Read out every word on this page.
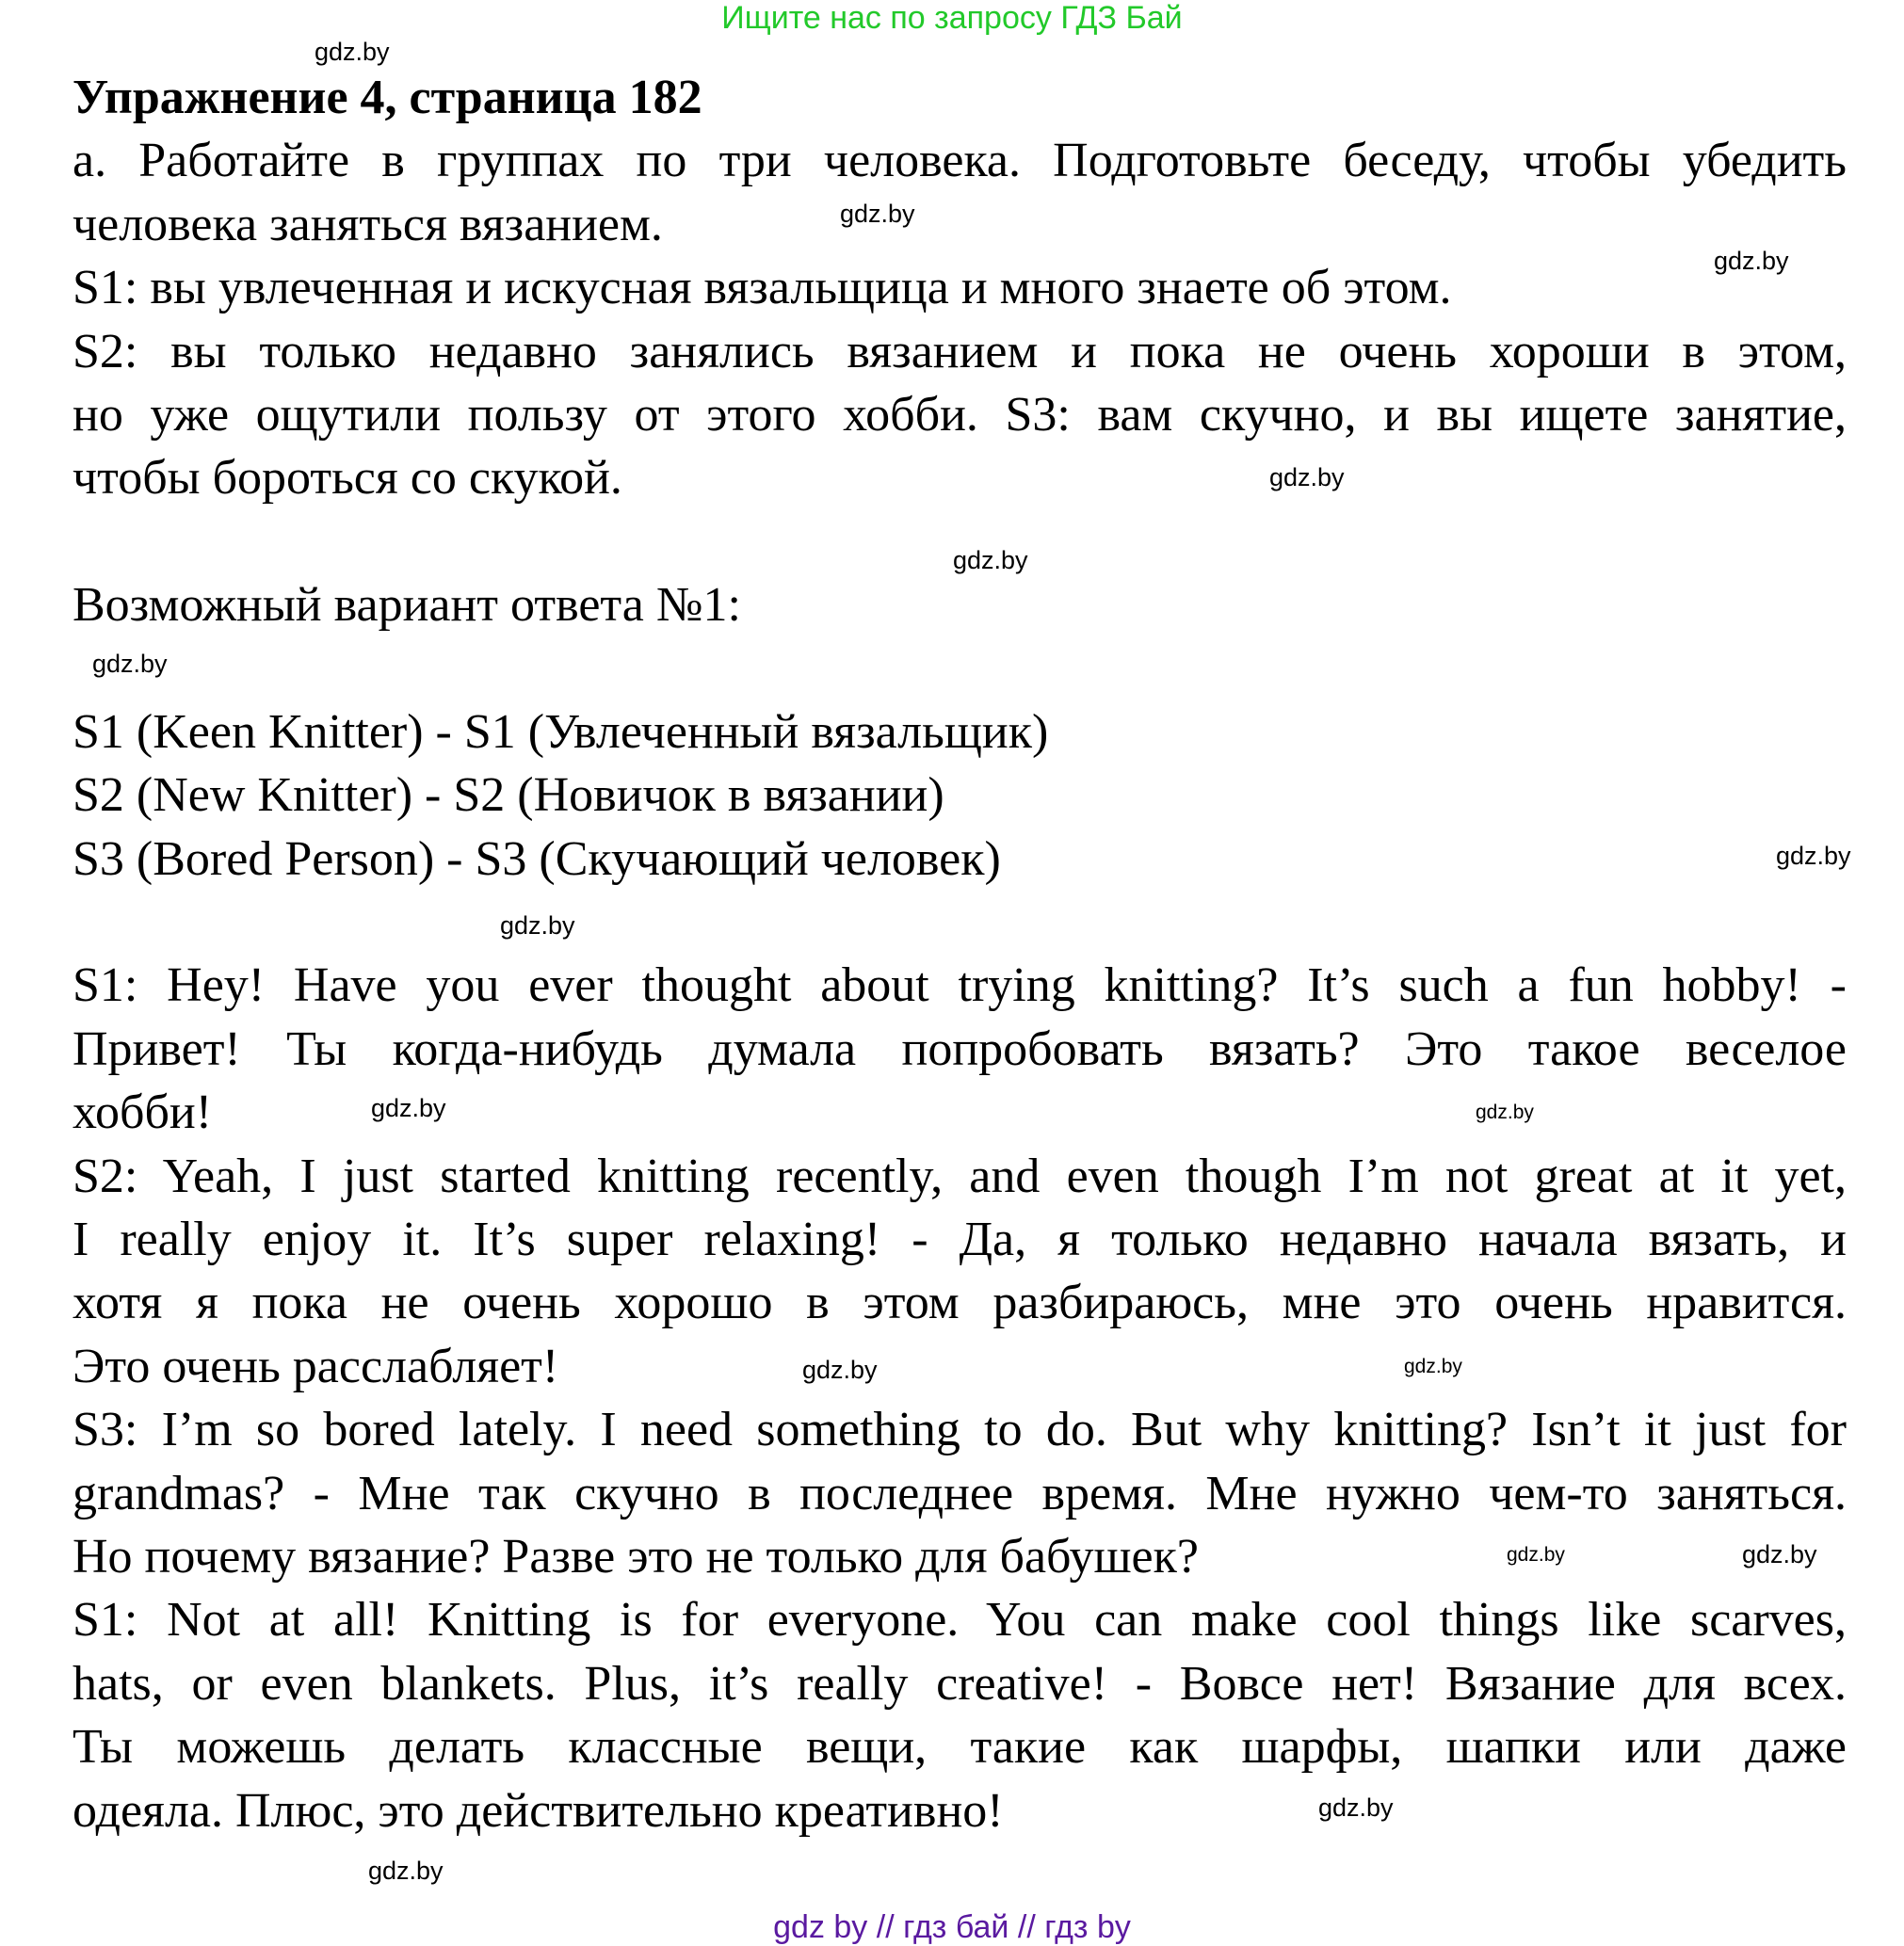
Ищите нас по запросу ГДЗ Бай
Упражнение 4, страница 182
а. Работайте в группах по три человека. Подготовьте беседу, чтобы убедить
человека заняться вязанием.
S1: вы увлеченная и искусная вязальщица и много знаете об этом.
S2: вы только недавно занялись вязанием и пока не очень хороши в этом,
но уже ощутили пользу от этого хобби. S3: вам скучно, и вы ищете занятие,
чтобы бороться со скукой.
Возможный вариант ответа №1:
S1 (Keen Knitter) - S1 (Увлеченный вязальщик)
S2 (New Knitter) - S2 (Новичок в вязании)
S3 (Bored Person) - S3 (Скучающий человек)
S1: Hey! Have you ever thought about trying knitting? It’s such a fun hobby! -
Привет! Ты когда-нибудь думала попробовать вязать? Это такое веселое
хобби!
S2: Yeah, I just started knitting recently, and even though I’m not great at it yet,
I really enjoy it. It’s super relaxing! - Да, я только недавно начала вязать, и
хотя я пока не очень хорошо в этом разбираюсь, мне это очень нравится.
Это очень расслабляет!
S3: I’m so bored lately. I need something to do. But why knitting? Isn’t it just for
grandmas? - Мне так скучно в последнее время. Мне нужно чем-то заняться.
Но почему вязание? Разве это не только для бабушек?
S1: Not at all! Knitting is for everyone. You can make cool things like scarves,
hats, or even blankets. Plus, it’s really creative! - Вовсе нет! Вязание для всех.
Ты можешь делать классные вещи, такие как шарфы, шапки или даже
одеяла. Плюс, это действительно креативно!
gdz.by
gdz.by
gdz.by
gdz.by
gdz.by
gdz.by
gdz.by
gdz.by
gdz.by
gdz.by
gdz.by
gdz.by
gdz.by
gdz.by
gdz.by
gdz.by
gdz by // гдз бай // гдз by
